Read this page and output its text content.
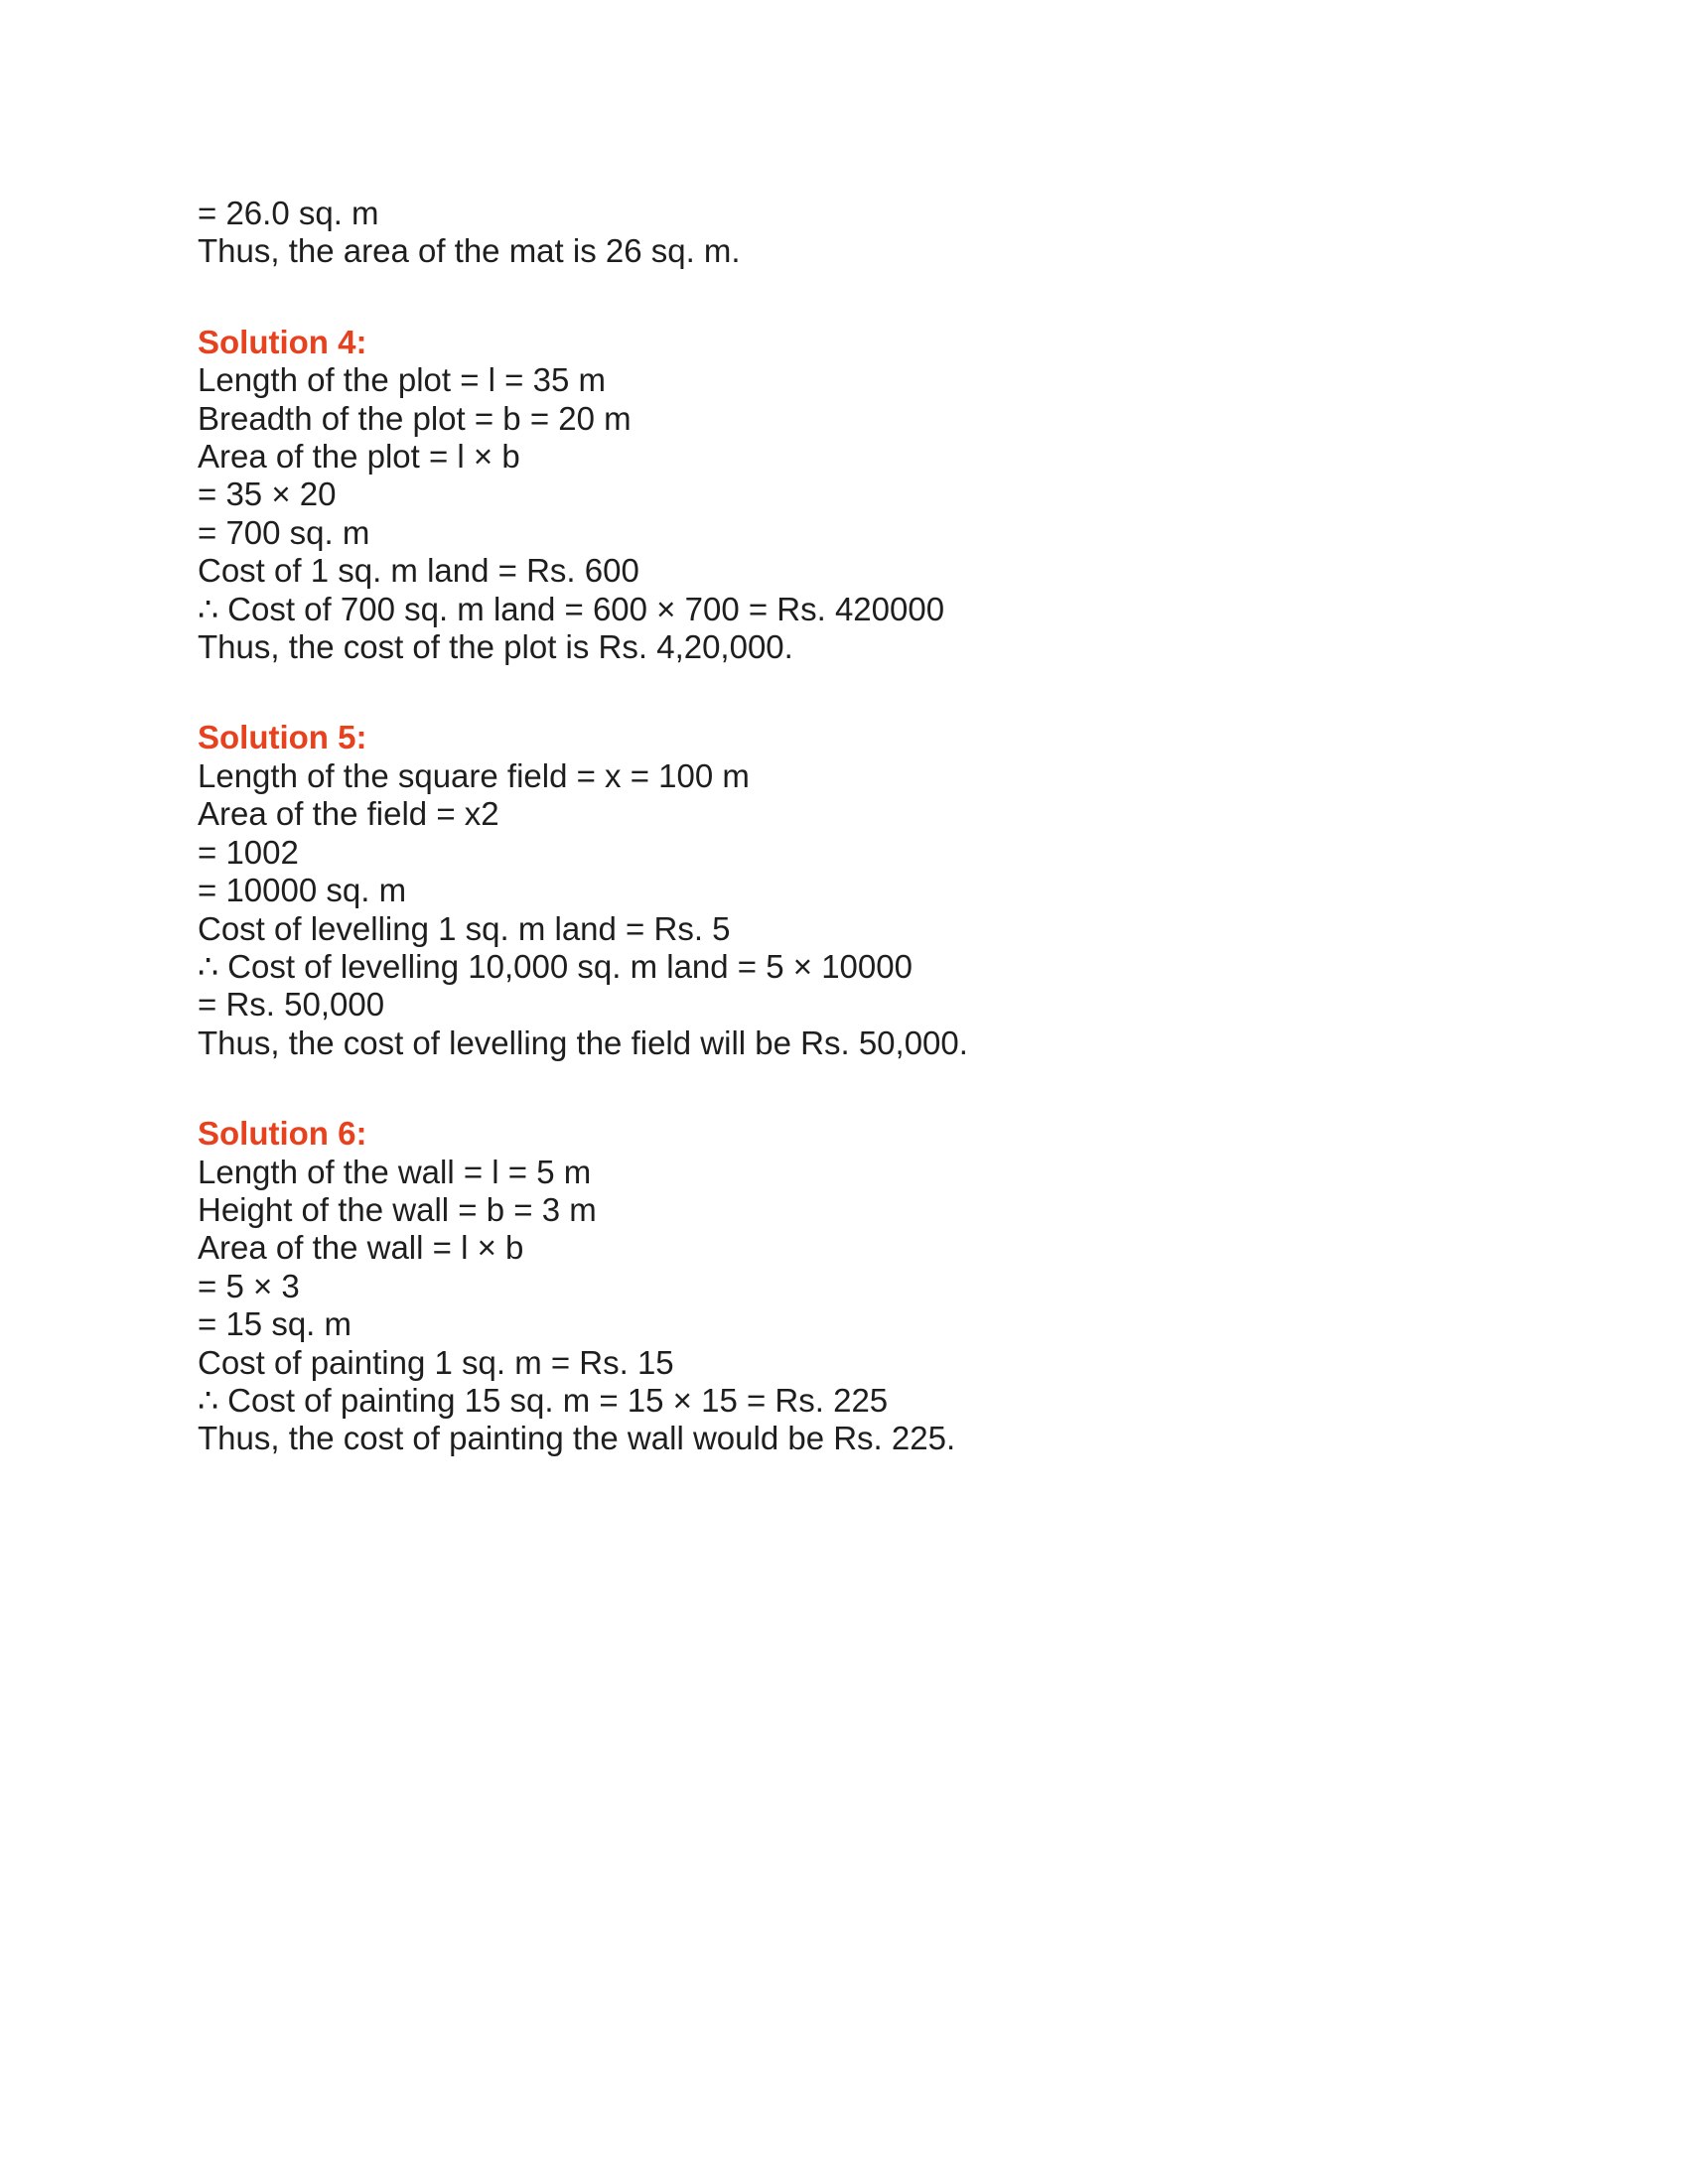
= 26.0 sq. m

Thus, the area of the mat is 26 sq. m.

Solution 4:

Length of the plot = l = 35 m

Breadth of the plot = b = 20 m

Area of the plot = l × b

= 35 × 20

= 700 sq. m

Cost of 1 sq. m land = Rs. 600

∴ Cost of 700 sq. m land = 600 × 700 = Rs. 420000

Thus, the cost of the plot is Rs. 4,20,000.

Solution 5:

Length of the square field = x = 100 m

Area of the field = x2

= 1002

= 10000 sq. m

Cost of levelling 1 sq. m land = Rs. 5

∴ Cost of levelling 10,000 sq. m land = 5 × 10000

= Rs. 50,000

Thus, the cost of levelling the field will be Rs. 50,000.

Solution 6:

Length of the wall = l = 5 m

Height of the wall = b = 3 m

Area of the wall = l × b

= 5 × 3

= 15 sq. m

Cost of painting 1 sq. m = Rs. 15

∴ Cost of painting 15 sq. m = 15 × 15 = Rs. 225

Thus, the cost of painting the wall would be Rs. 225.
